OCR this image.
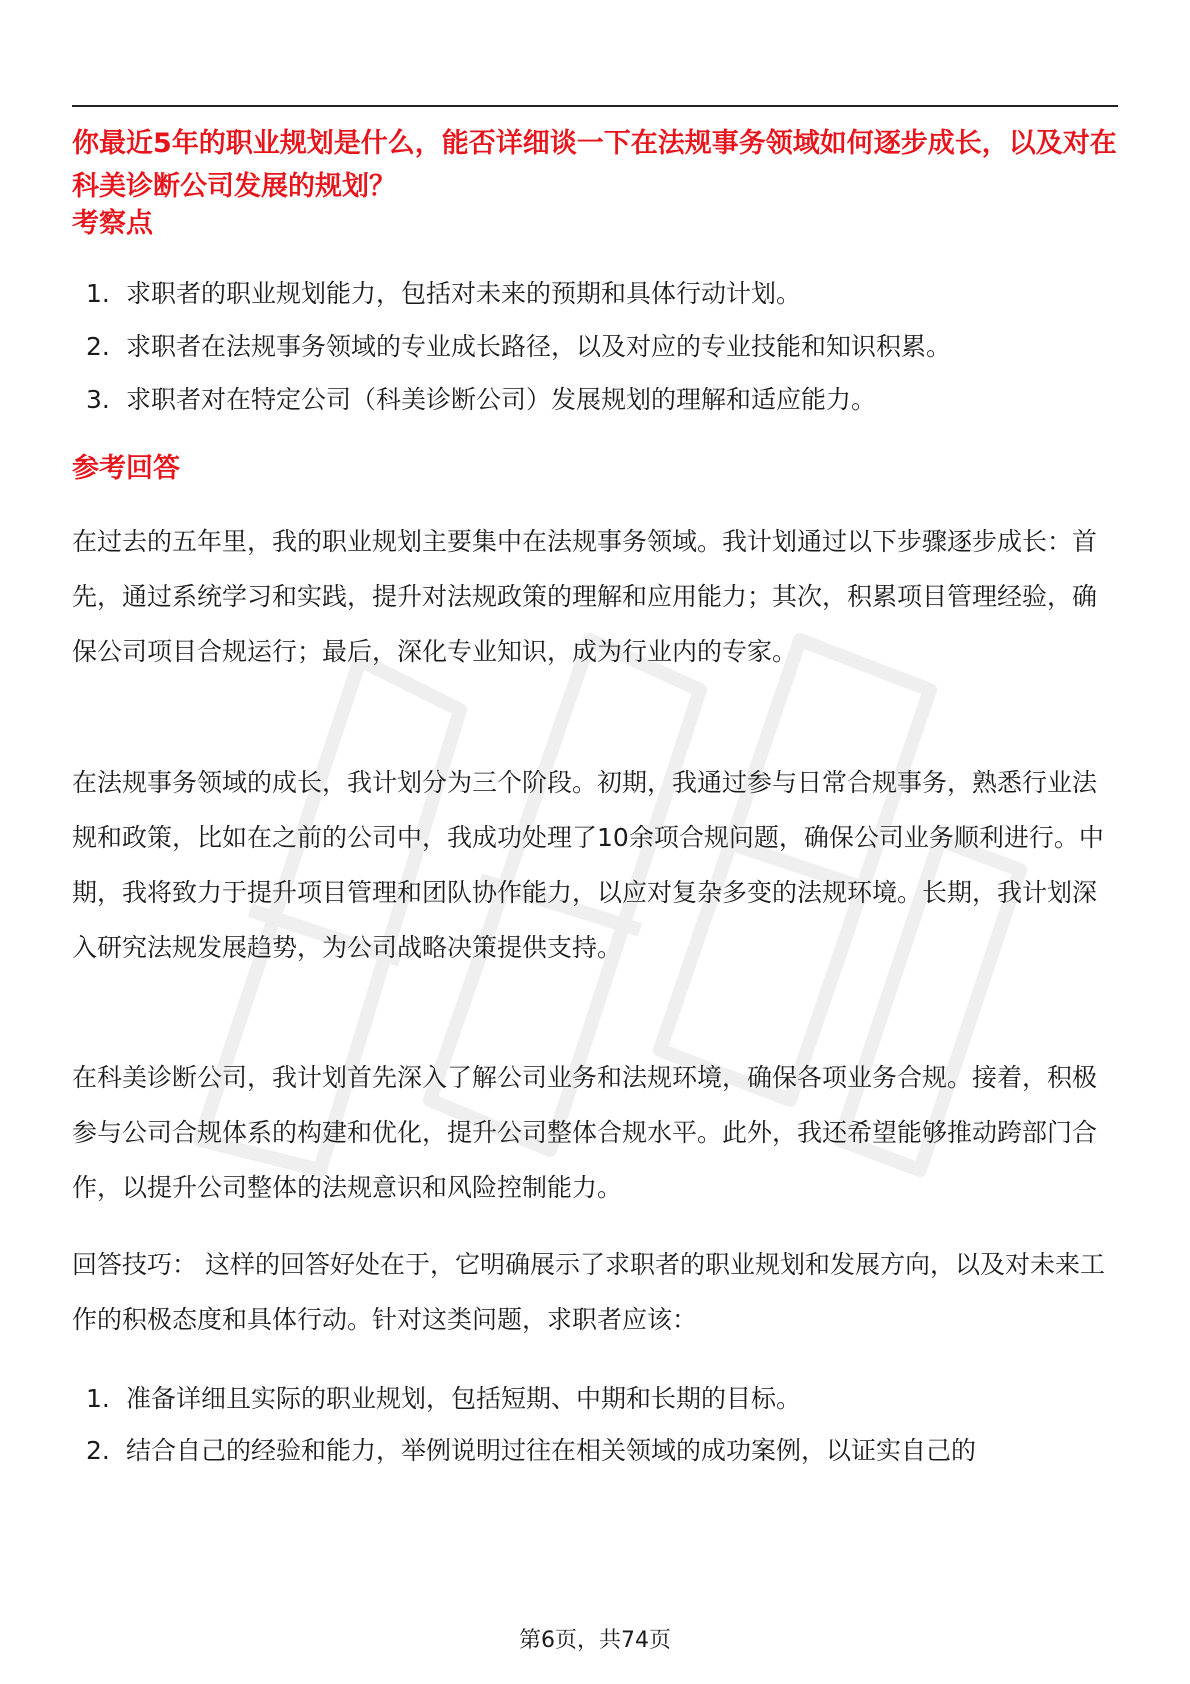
你最近5年的职业规划是什么，能否详细谈一下在法规事务领域如何逐步成长，以及对在科美诊断公司发展的规划？
考察点
1. 求职者的职业规划能力，包括对未来的预期和具体行动计划。
2. 求职者在法规事务领域的专业成长路径，以及对应的专业技能和知识积累。
3. 求职者对在特定公司（科美诊断公司）发展规划的理解和适应能力。
参考回答

在过去的五年里，我的职业规划主要集中在法规事务领域。我计划通过以下步骤逐步成长：首先，通过系统学习和实践，提升对法规政策的理解和应用能力；其次，积累项目管理经验，确保公司项目合规运行；最后，深化专业知识，成为行业内的专家。

在法规事务领域的成长，我计划分为三个阶段。初期，我通过参与日常合规事务，熟悉行业法规和政策，比如在之前的公司中，我成功处理了10余项合规问题，确保公司业务顺利进行。中期，我将致力于提升项目管理和团队协作能力，以应对复杂多变的法规环境。长期，我计划深入研究法规发展趋势，为公司战略决策提供支持。

在科美诊断公司，我计划首先深入了解公司业务和法规环境，确保各项业务合规。接着，积极参与公司合规体系的构建和优化，提升公司整体合规水平。此外，我还希望能够推动跨部门合作，以提升公司整体的法规意识和风险控制能力。

回答技巧： 这样的回答好处在于，它明确展示了求职者的职业规划和发展方向，以及对未来工作的积极态度和具体行动。针对这类问题，求职者应该：

1. 准备详细且实际的职业规划，包括短期、中期和长期的目标。
2. 结合自己的经验和能力，举例说明过往在相关领域的成功案例，以证实自己的
第6页，共74页
